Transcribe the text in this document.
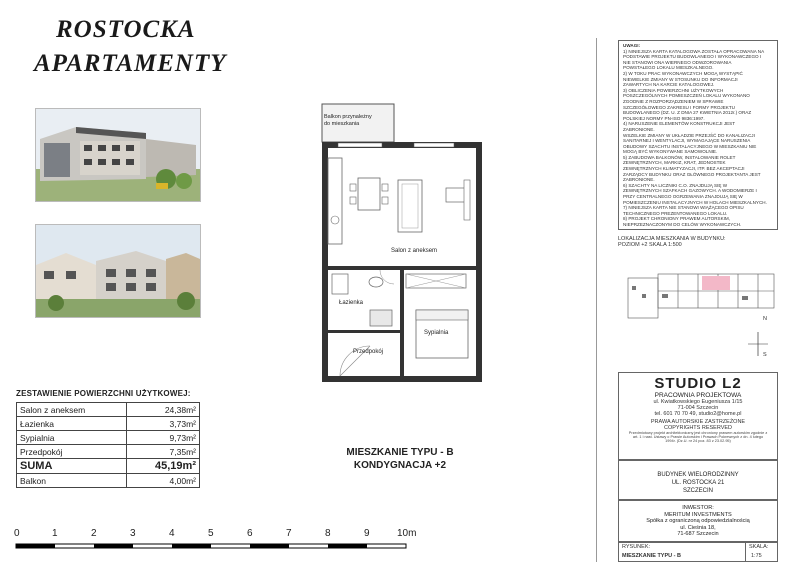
ROSTOCKA
APARTAMENTY
ZESTAWIENIE POWIERZCHNI UŻYTKOWEJ:
Salon z aneksem	24,38m²
Łazienka	3,73m²
Sypialnia	9,73m²
Przedpokój	7,35m²
SUMA	45,19m²
Balkon	4,00m²
0	1	2	3	4	5	6	7	8	9	10m
Balkon przynależny
do mieszkania
Salon z aneksem
Łazienka
Sypialnia
Przedpokój
MIESZKANIE TYPU - B
KONDYGNACJA +2
UWAGI:
1) NINIEJSZA KARTA KATALOGOWA ZOSTAŁA OPRACOWANA NA
PODSTAWIE PROJEKTU BUDOWLANEGO I WYKONAWCZEGO I
NIE STANOWI ONA WIERNEGO ODWZOROWANIA
POWSTAŁEGO LOKALU MIESZKALNEGO.
2) W TOKU PRAC WYKONAWCZYCH MOGĄ WYSTĄPIĆ
NIEWIELKIE ZMIANY W STOSUNKU DO INFORMACJI
ZAWARTYCH NA KARCIE KATALOGOWEJ.
3) OBLICZENIA POWIERZCHNI UŻYTKOWYCH
POSZCZEGÓLNYCH POMIESZCZEŃ LOKALU WYKONANO
ZGODNIE Z ROZPORZĄDZENIEM W SPRAWIE
SZCZEGÓŁOWEGO ZAKRESU I FORMY PROJEKTU
BUDOWLANEGO (DZ. U. Z DNIA 27 KWIETNIA 2012r.) ORAZ
POLSKIEJ NORMY PN-ISO 9836:1997.
4) NARUSZENIE ELEMENTÓW KONSTRUKCJI JEST
ZABRONIONE.
WSZELKIE ZMIANY W UKŁADZIE PRZEJŚĆ DO KANALIZACJI
SANITARNEJ I WENTYLACJI, WYMAGAJĄCE NARUSZENIA
OBUDOWY SZACHTU INSTALACYJNEGO W MIESZKANIU NIE
MOGĄ BYĆ WYKONYWANE SAMOWOLNIE.
5) ZABUDOWA BALKONÓW, INSTALOWANIE ROLET
ZEWNĘTRZNYCH, MARKIZ, KRAT, JEDNOSTEK
ZEWNĘTRZNYCH KLIMATYZACJI, ITP. BEZ AKCEPTACJI
ZARZĄDCY BUDYNKU ORAZ GŁÓWNEGO PROJEKTANTA JEST
ZABRONIONE.
6) SZACHTY NA LICZNIKI C.O. ZNAJDUJĄ SIĘ W
ZEWNĘTRZNYCH SZAFKACH GAZOWYCH. A WODOMIERZE I
PRZY CENTRALNEGO OGRZEWANIA ZNAJDUJĄ SIĘ W
POMIESZCZENIU INSTALACYJNYCH W HOLACH MIESZKALNYCH.
7) NINIEJSZA KARTA NIE STANOWI WIĄŻĄCEGO OPISU
TECHNICZNEGO PREZENTOWANEGO LOKALU.
8) PROJEKT CHRONIONY PRAWEM AUTORSKIM,
NIEPRZEZNACZONYM DO CELÓW WYKONAWCZYCH.
LOKALIZACJA MIESZKANIA W BUDYNKU:
POZIOM +2 SKALA 1:500
N
S
STUDIO L2
PRACOWNIA PROJEKTOWA
ul. Kwiatkowskiego Eugeniusza 1/15
71-004 Szczecin
tel. 601 70 70 49, studio2@home.pl
PRAWA AUTORSKIE ZASTRZEŻONE
COPYRIGHTS RESERVED
Przedmiotowy projekt architektoniczny jest chroniony prawem autorskim zgodnie z
art. 1 i nast. Ustawy o Prawie Autorskim i Prawach Pokrewnych z dn. 4 lutego
1994r. (Dz.U. nr 24 poz. 83 z 23.02.95)
BUDYNEK WIELORODZINNY
UL. ROSTOCKA 21
SZCZECIN
INWESTOR:
MERITUM INVESTMENTS
Spółka z ograniczoną odpowiedzialnością
ul. Cieśnia 18,
71-687 Szczecin
RYSUNEK:
MIESZKANIE TYPU - B
SKALA:
1:75
